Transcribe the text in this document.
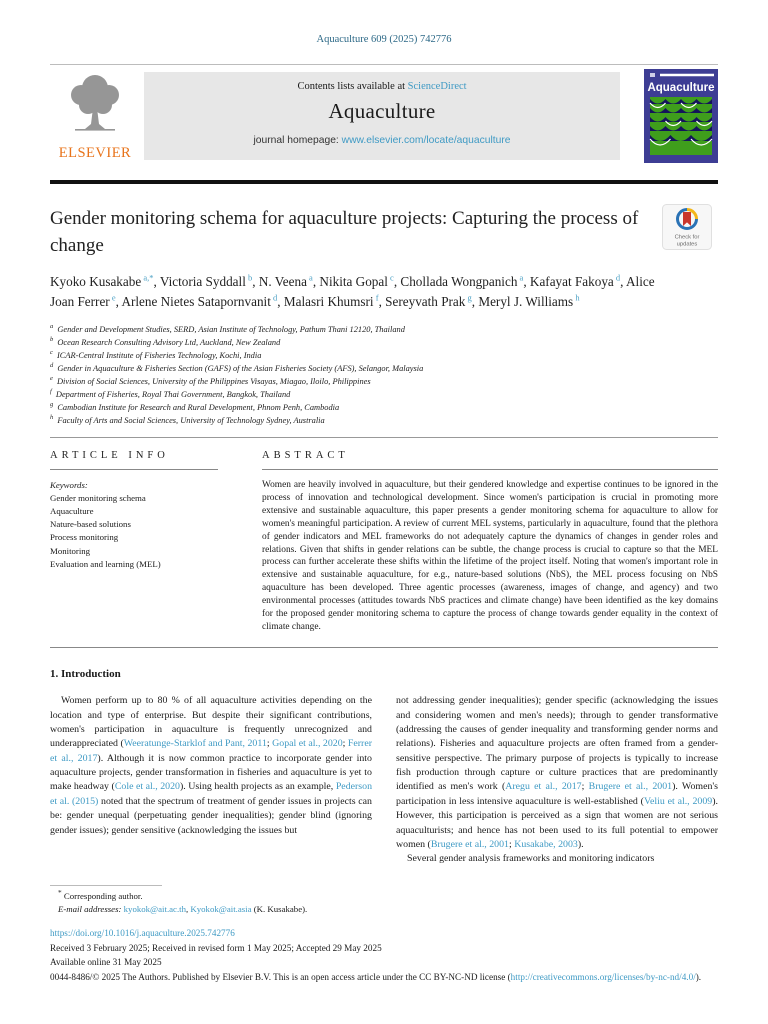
Aquaculture 609 (2025) 742776
ELSEVIER
Contents lists available at ScienceDirect
Aquaculture
journal homepage: www.elsevier.com/locate/aquaculture
Aquaculture
Gender monitoring schema for aquaculture projects: Capturing the process of change	Check for
updates
Kyoko Kusakabe $^{a,*}$, Victoria Syddall $^b$, N. Veena $^a$, Nikita Gopal $^c$, Chollada Wongpanich $^a$, Kafayat Fakoya $^d$, Alice Joan Ferrer $^e$, Arlene Nietes Satapornvanit $^d$, Malasri Khumsri $^f$, Sereyvath Prak $^g$, Meryl J. Williams $^h$
$^a$ Gender and Development Studies, SERD, Asian Institute of Technology, Pathum Thani 12120, Thailand
$^b$ Ocean Research Consulting Advisory Ltd, Auckland, New Zealand
$^c$ ICAR-Central Institute of Fisheries Technology, Kochi, India
$^d$ Gender in Aquaculture & Fisheries Section (GAFS) of the Asian Fisheries Society (AFS), Selangor, Malaysia
$^e$ Division of Social Sciences, University of the Philippines Visayas, Miagao, Iloilo, Philippines
$^f$ Department of Fisheries, Royal Thai Government, Bangkok, Thailand
$^g$ Cambodian Institute for Research and Rural Development, Phnom Penh, Cambodia
$^h$ Faculty of Arts and Social Sciences, University of Technology Sydney, Australia
ARTICLE INFO
Keywords:
Gender monitoring schema
Aquaculture
Nature-based solutions
Process monitoring
Monitoring
Evaluation and learning (MEL)
ABSTRACT
Women are heavily involved in aquaculture, but their gendered knowledge and expertise continues to be ignored in the process of innovation and technological development. Since women's participation is crucial in promoting more extensive and sustainable aquaculture, this paper presents a gender monitoring schema for aquaculture to allow for women's meaningful participation. A review of current MEL systems, particularly in aquaculture, found that the plethora of gender indicators and MEL frameworks do not adequately capture the dynamics of changes in gender roles and relations. Given that shifts in gender relations can be subtle, the change process is crucial to capture so that the MEL process can further accelerate these shifts within the lifetime of the project itself. Noting that women's important role in extensive and sustainable aquaculture, for e.g., nature-based solutions (NbS), the MEL process focusing on NbS aquaculture has been developed. Three agentic processes (awareness, images of change, and agency) and two environmental processes (attitudes towards NbS practices and climate change) have been identified as the key domains for the proposed gender monitoring schema to capture the process of change towards gender equality in the context of climate change.
1. Introduction

Women perform up to 80 % of all aquaculture activities depending on the location and type of enterprise. But despite their significant contributions, women's participation in aquaculture is frequently unrecognized and underappreciated (Weeratunge-Starklof and Pant, 2011; Gopal et al., 2020; Ferrer et al., 2017). Although it is now common practice to incorporate gender into aquaculture projects, gender transformation in fisheries and aquaculture is yet to make headway (Cole et al., 2020). Using health projects as an example, Pederson et al. (2015) noted that the spectrum of treatment of gender issues in projects can be: gender unequal (perpetuating gender inequalities); gender blind (ignoring gender issues); gender sensitive (acknowledging the issues but

not addressing gender inequalities); gender specific (acknowledging the issues and considering women and men's needs); through to gender transformative (addressing the causes of gender inequality and transforming gender norms and relations). Fisheries and aquaculture projects are often framed from a gender-sensitive perspective. The primary purpose of projects is typically to increase fish production through capture or culture practices that are predominantly identified as men's work (Aregu et al., 2017; Brugere et al., 2001). Women's participation in less intensive aquaculture is well-established (Veliu et al., 2009). However, this participation is perceived as a sign that women are not serious aquaculturists; and hence has not been used to its full potential to empower women (Brugere et al., 2001; Kusakabe, 2003).

Several gender analysis frameworks and monitoring indicators

* Corresponding author.
E-mail addresses: kyokok@ait.ac.th, Kyokok@ait.asia (K. Kusakabe).
https://doi.org/10.1016/j.aquaculture.2025.742776
Received 3 February 2025; Received in revised form 1 May 2025; Accepted 29 May 2025
Available online 31 May 2025
0044-8486/© 2025 The Authors. Published by Elsevier B.V. This is an open access article under the CC BY-NC-ND license (http://creativecommons.org/licenses/by-nc-nd/4.0/).
